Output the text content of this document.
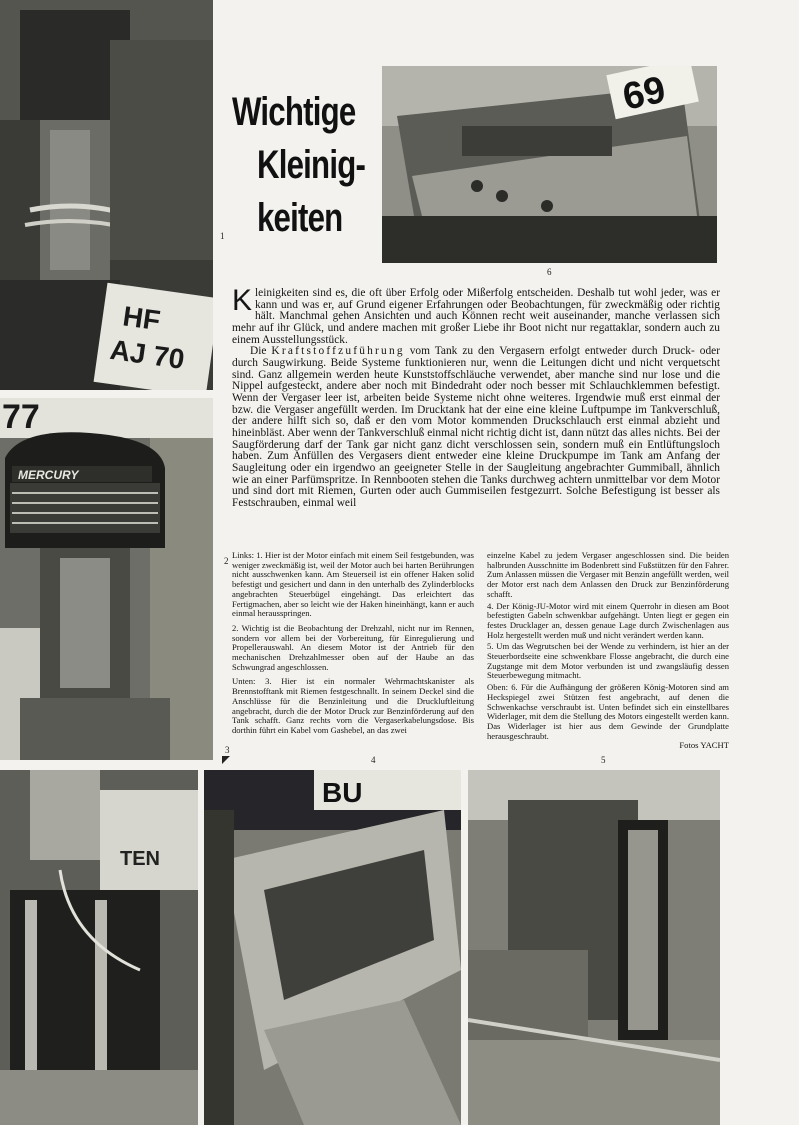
HF
AJ 70
1
77
MERCURY
2
3
69
6
Wichtige
Kleinig-
keiten

Kleinigkeiten sind es, die oft über Erfolg oder Mißerfolg entscheiden. Deshalb tut wohl jeder, was er kann und was er, auf Grund eigener Erfahrungen oder Beobachtungen, für zweckmäßig oder richtig hält. Manchmal gehen Ansichten und auch Können recht weit auseinander, manche verlassen sich mehr auf ihr Glück, und andere machen mit großer Liebe ihr Boot nicht nur regattaklar, sondern auch zu einem Ausstellungsstück.

Die Kraftstoffzuführung vom Tank zu den Vergasern erfolgt entweder durch Druck- oder durch Saugwirkung. Beide Systeme funktionieren nur, wenn die Leitungen dicht und nicht verquetscht sind. Ganz allgemein werden heute Kunststoffschläuche verwendet, aber manche sind nur lose und die Nippel aufgesteckt, andere aber noch mit Bindedraht oder noch besser mit Schlauchklemmen befestigt. Wenn der Vergaser leer ist, arbeiten beide Systeme nicht ohne weiteres. Irgendwie muß erst einmal der bzw. die Vergaser angefüllt werden. Im Drucktank hat der eine eine kleine Luftpumpe im Tankverschluß, der andere hilft sich so, daß er den vom Motor kommenden Druckschlauch erst einmal abzieht und hineinbläst. Aber wenn der Tankverschluß einmal nicht richtig dicht ist, dann nützt das alles nichts. Bei der Saugförderung darf der Tank gar nicht ganz dicht verschlossen sein, sondern muß ein Entlüftungsloch haben. Zum Anfüllen des Vergasers dient entweder eine kleine Druckpumpe im Tank am Anfang der Saugleitung oder ein irgendwo an geeigneter Stelle in der Saugleitung angebrachter Gummiball, ähnlich wie an einer Parfümspritze. In Rennbooten stehen die Tanks durchweg achtern unmittelbar vor dem Motor und sind dort mit Riemen, Gurten oder auch Gummiseilen festgezurrt. Solche Befestigung ist besser als Festschrauben, einmal weil

Links: 1. Hier ist der Motor einfach mit einem Seil festgebunden, was weniger zweckmäßig ist, weil der Motor auch bei harten Berührungen nicht ausschwenken kann. Am Steuerseil ist ein offener Haken solid befestigt und gesichert und dann in den unterhalb des Zylinderblocks angebrachten Steuerbügel eingehängt. Das erleichtert das Fertigmachen, aber so leicht wie der Haken hineinhängt, kann er auch einmal herausspringen.

2. Wichtig ist die Beobachtung der Drehzahl, nicht nur im Rennen, sondern vor allem bei der Vorbereitung, für Einregulierung und Propellerauswahl. An diesem Motor ist der Antrieb für den mechanischen Drehzahlmesser oben auf der Haube an das Schwungrad angeschlossen.

Unten: 3. Hier ist ein normaler Wehrmachtskanister als Brennstofftank mit Riemen festgeschnallt. In seinem Deckel sind die Anschlüsse für die Benzinleitung und die Druckluftleitung angebracht, durch die der Motor Druck zur Benzinförderung auf den Tank schafft. Ganz rechts vorn die Vergaserkabelungsdose. Bis dorthin führt ein Kabel vom Gashebel, an das zwei

einzelne Kabel zu jedem Vergaser angeschlossen sind. Die beiden halbrunden Ausschnitte im Bodenbrett sind Fußstützen für den Fahrer. Zum Anlassen müssen die Vergaser mit Benzin angefüllt werden, weil der Motor erst nach dem Anlassen den Druck zur Benzinförderung schafft.

4. Der König-JU-Motor wird mit einem Querrohr in diesen am Boot befestigten Gabeln schwenkbar aufgehängt. Unten liegt er gegen ein festes Drucklager an, dessen genaue Lage durch Zwischenlagen aus Holz hergestellt werden muß und nicht verändert werden kann.

5. Um das Wegrutschen bei der Wende zu verhindern, ist hier an der Steuerbordseite eine schwenkbare Flosse angebracht, die durch eine Zugstange mit dem Motor verbunden ist und zwangsläufig dessen Steuerbewegung mitmacht.

Oben: 6. Für die Aufhängung der größeren König-Motoren sind am Heckspiegel zwei Stützen fest angebracht, auf denen die Schwenkachse verschraubt ist. Unten befindet sich ein einstellbares Widerlager, mit dem die Stellung des Motors eingestellt werden kann. Das Widerlager ist hier aus dem Gewinde der Grundplatte herausgeschraubt.
Fotos YACHT

4	5
TEN
BU
